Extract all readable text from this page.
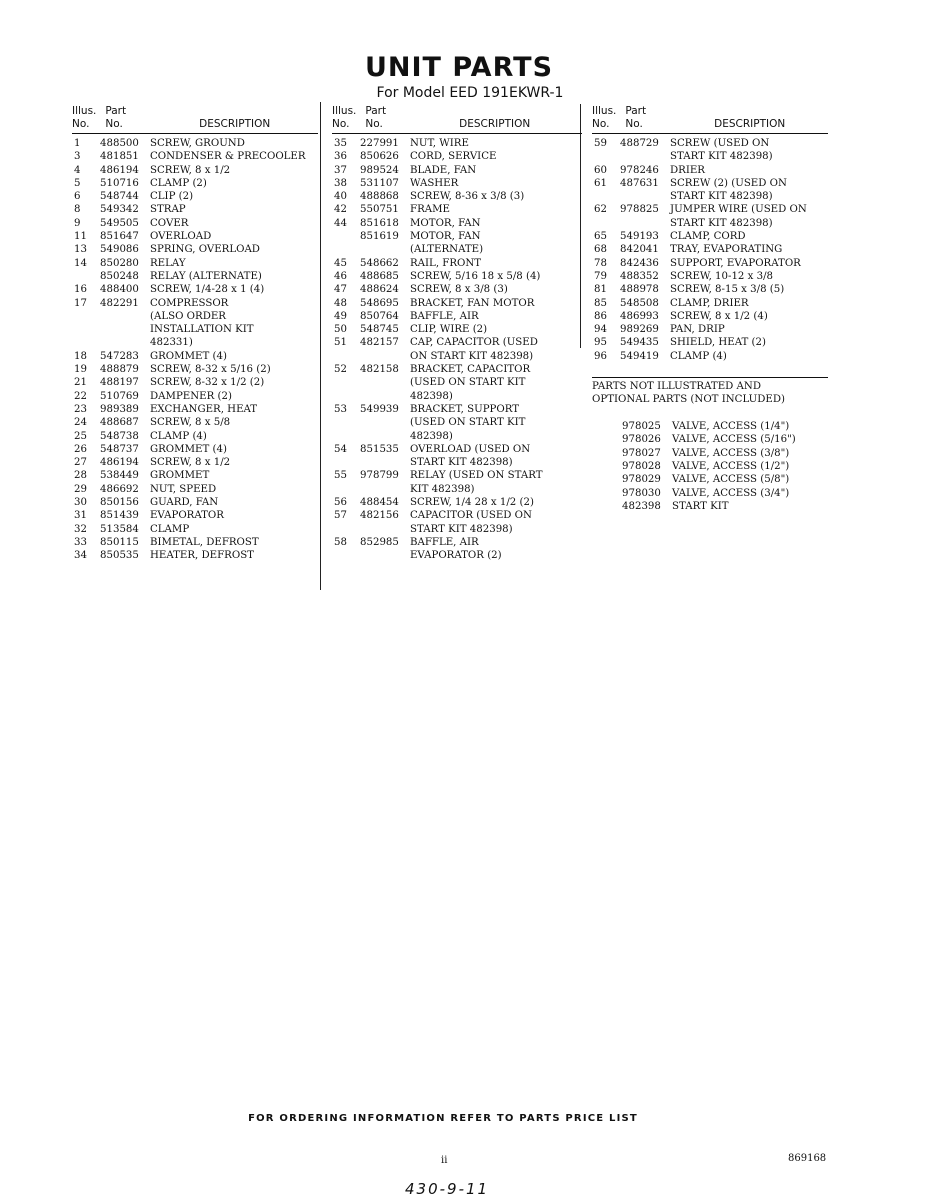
UNIT PARTS
For Model EED 191EKWR-1
Illus. Part
No. No.	DESCRIPTION
1	488500	SCREW, GROUND
3	481851	CONDENSER & PRECOOLER
4	486194	SCREW, 8 x 1/2
5	510716	CLAMP (2)
6	548744	CLIP (2)
8	549342	STRAP
9	549505	COVER
11	851647	OVERLOAD
13	549086	SPRING, OVERLOAD
14	850280	RELAY
850248	RELAY (ALTERNATE)
16	488400	SCREW, 1/4-28 x 1 (4)
17	482291	COMPRESSOR
(ALSO ORDER
INSTALLATION KIT
482331)
18	547283	GROMMET (4)
19	488879	SCREW, 8-32 x 5/16 (2)
21	488197	SCREW, 8-32 x 1/2 (2)
22	510769	DAMPENER (2)
23	989389	EXCHANGER, HEAT
24	488687	SCREW, 8 x 5/8
25	548738	CLAMP (4)
26	548737	GROMMET (4)
27	486194	SCREW, 8 x 1/2
28	538449	GROMMET
29	486692	NUT, SPEED
30	850156	GUARD, FAN
31	851439	EVAPORATOR
32	513584	CLAMP
33	850115	BIMETAL, DEFROST
34	850535	HEATER, DEFROST
Illus. Part
No. No.	DESCRIPTION
35	227991	NUT, WIRE
36	850626	CORD, SERVICE
37	989524	BLADE, FAN
38	531107	WASHER
40	488868	SCREW, 8-36 x 3/8 (3)
42	550751	FRAME
44	851618	MOTOR, FAN
851619	MOTOR, FAN
(ALTERNATE)
45	548662	RAIL, FRONT
46	488685	SCREW, 5/16 18 x 5/8 (4)
47	488624	SCREW, 8 x 3/8 (3)
48	548695	BRACKET, FAN MOTOR
49	850764	BAFFLE, AIR
50	548745	CLIP, WIRE (2)
51	482157	CAP, CAPACITOR (USED
ON START KIT 482398)
52	482158	BRACKET, CAPACITOR
(USED ON START KIT
482398)
53	549939	BRACKET, SUPPORT
(USED ON START KIT
482398)
54	851535	OVERLOAD (USED ON
START KIT 482398)
55	978799	RELAY (USED ON START
KIT 482398)
56	488454	SCREW, 1/4 28 x 1/2 (2)
57	482156	CAPACITOR (USED ON
START KIT 482398)
58	852985	BAFFLE, AIR
EVAPORATOR (2)
Illus. Part
No. No.	DESCRIPTION
59	488729	SCREW (USED ON
START KIT 482398)
60	978246	DRIER
61	487631	SCREW (2) (USED ON
START KIT 482398)
62	978825	JUMPER WIRE (USED ON
START KIT 482398)
65	549193	CLAMP, CORD
68	842041	TRAY, EVAPORATING
78	842436	SUPPORT, EVAPORATOR
79	488352	SCREW, 10-12 x 3/8
81	488978	SCREW, 8-15 x 3/8 (5)
85	548508	CLAMP, DRIER
86	486993	SCREW, 8 x 1/2 (4)
94	989269	PAN, DRIP
95	549435	SHIELD, HEAT (2)
96	549419	CLAMP (4)
PARTS NOT ILLUSTRATED AND
OPTIONAL PARTS (NOT INCLUDED)
978025	VALVE, ACCESS (1/4")
978026	VALVE, ACCESS (5/16")
978027	VALVE, ACCESS (3/8")
978028	VALVE, ACCESS (1/2")
978029	VALVE, ACCESS (5/8")
978030	VALVE, ACCESS (3/4")
482398	START KIT
FOR ORDERING INFORMATION REFER TO PARTS PRICE LIST
ii	869168
430-9-11
